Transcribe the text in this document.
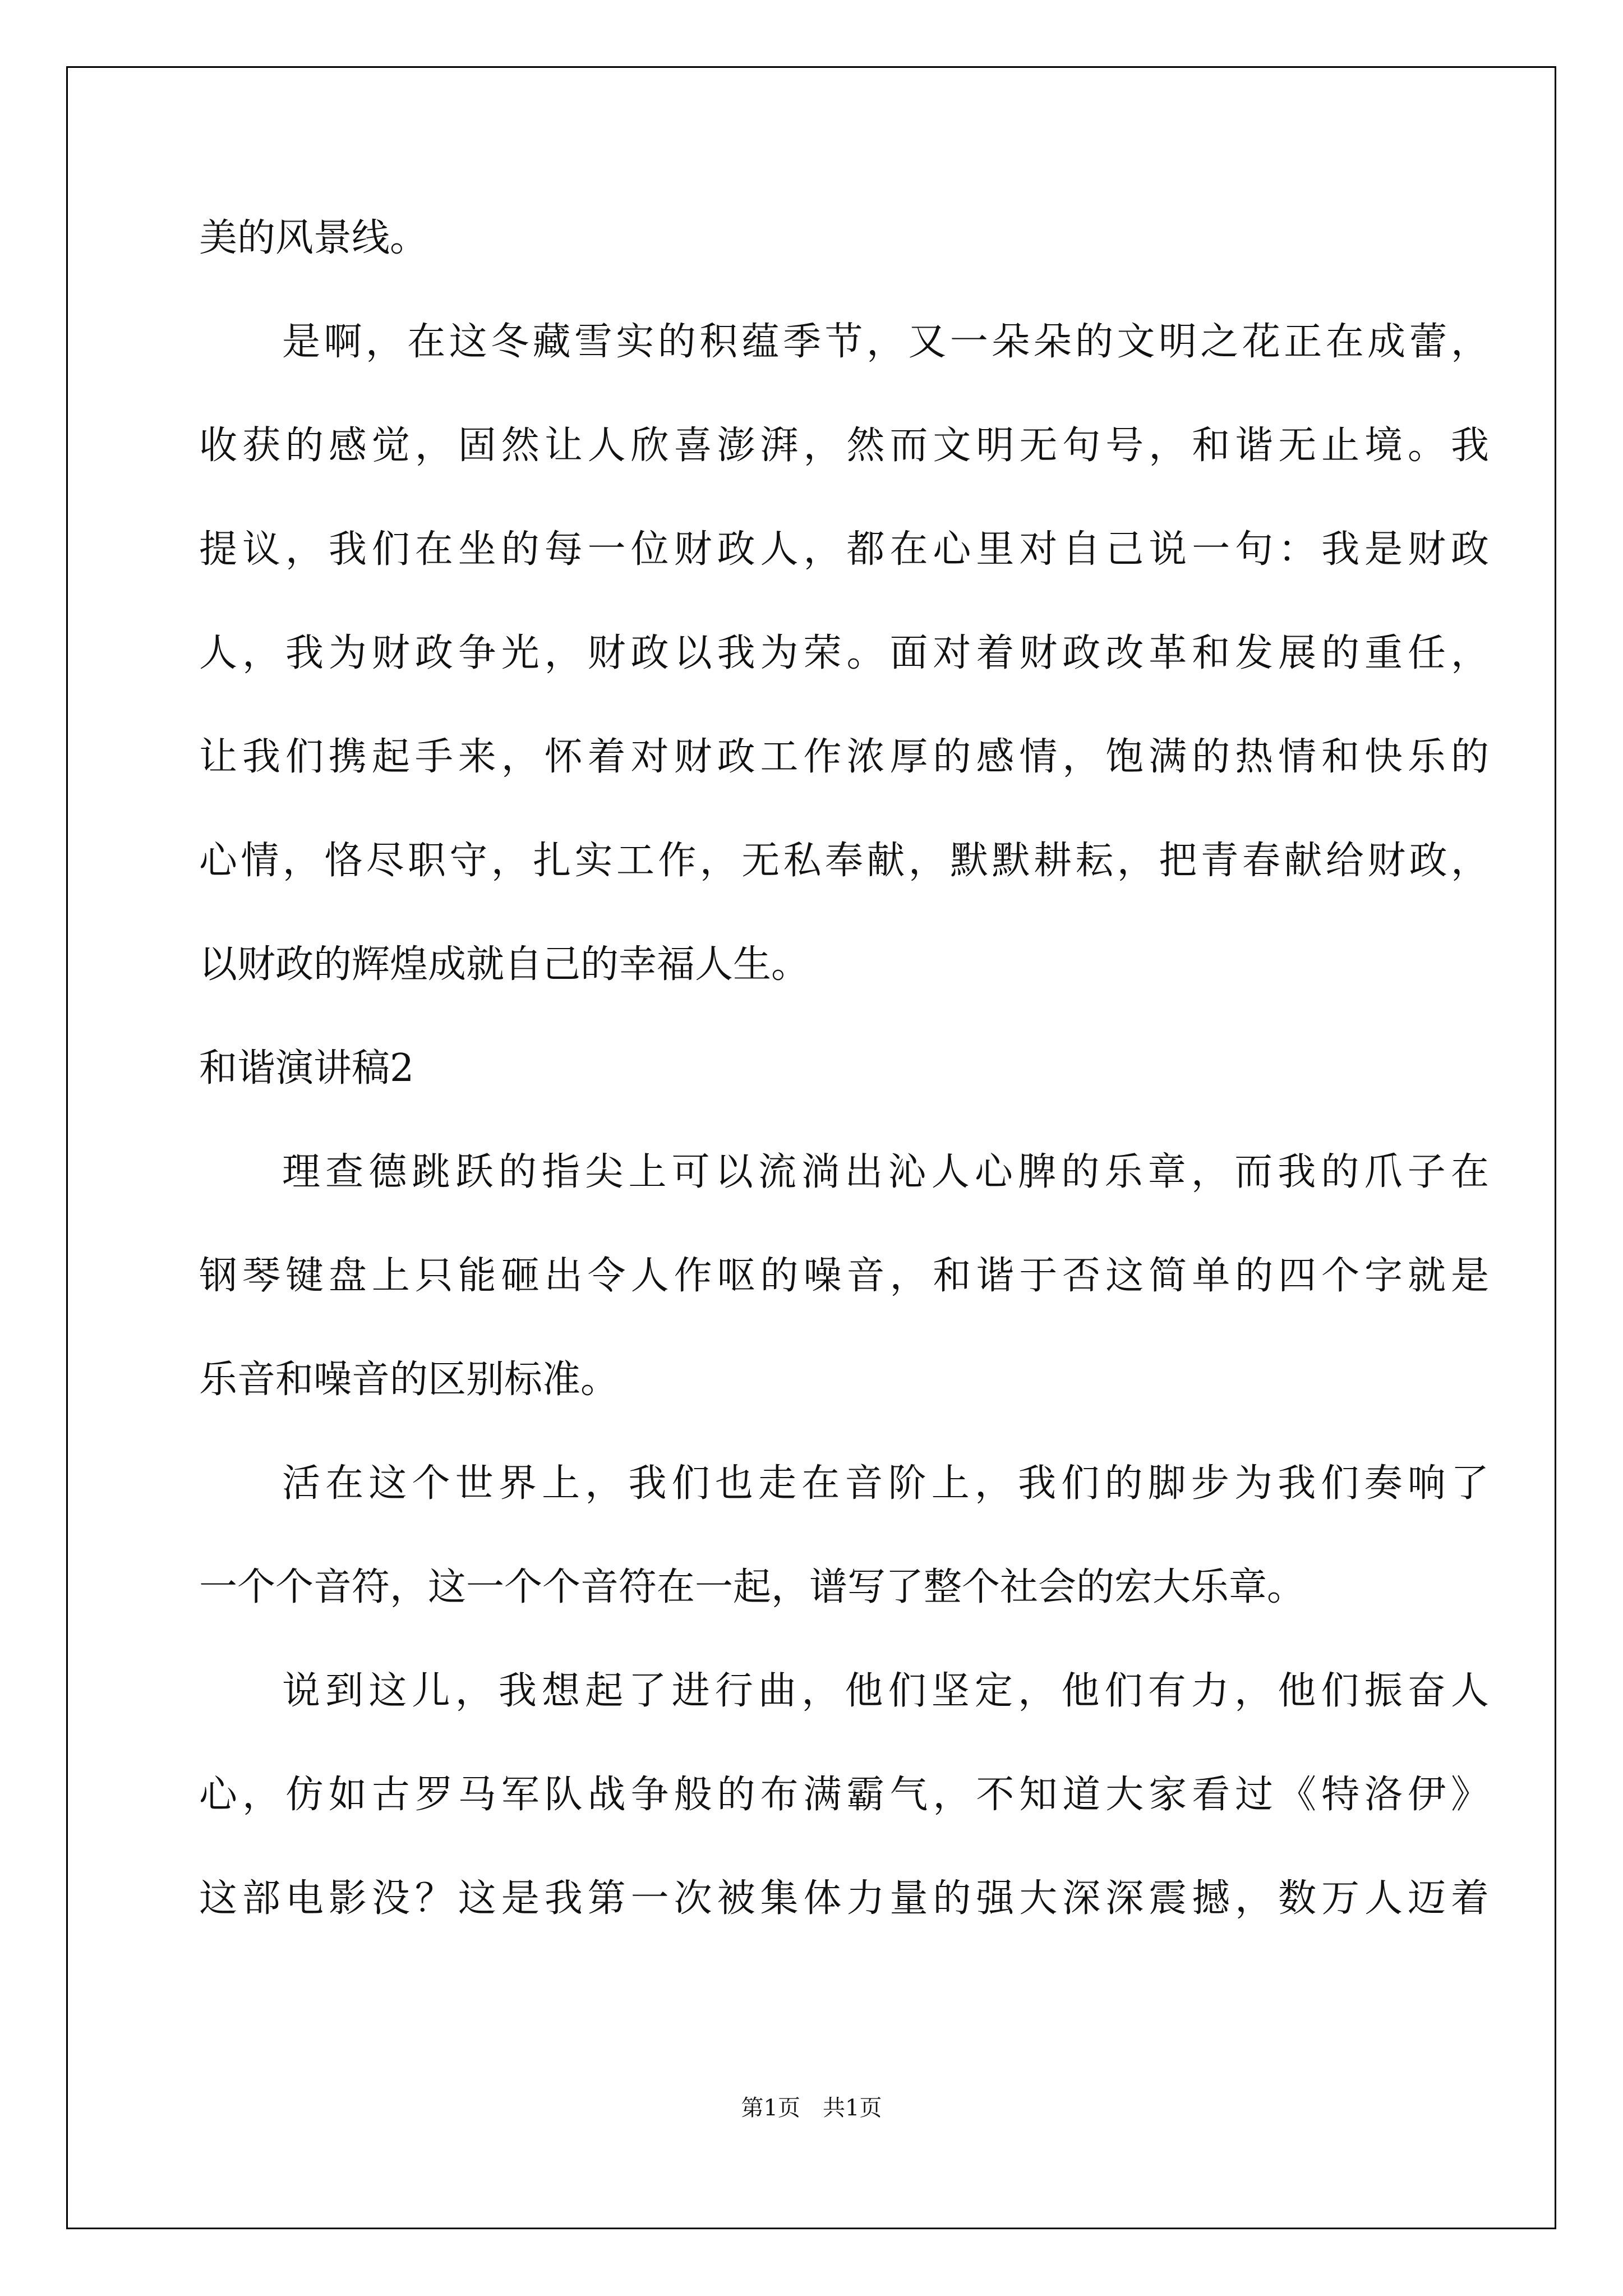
美的风景线。
是啊，在这冬藏雪实的积蕴季节，又一朵朵的文明之花正在成蕾，
收获的感觉，固然让人欣喜澎湃，然而文明无句号，和谐无止境。我
提议，我们在坐的每一位财政人，都在心里对自己说一句：我是财政
人，我为财政争光，财政以我为荣。面对着财政改革和发展的重任，
让我们携起手来，怀着对财政工作浓厚的感情，饱满的热情和快乐的
心情，恪尽职守，扎实工作，无私奉献，默默耕耘，把青春献给财政，
以财政的辉煌成就自己的幸福人生。
和谐演讲稿2
理查德跳跃的指尖上可以流淌出沁人心脾的乐章，而我的爪子在
钢琴键盘上只能砸出令人作呕的噪音，和谐于否这简单的四个字就是
乐音和噪音的区别标准。
活在这个世界上，我们也走在音阶上，我们的脚步为我们奏响了
一个个音符，这一个个音符在一起，谱写了整个社会的宏大乐章。
说到这儿，我想起了进行曲，他们坚定，他们有力，他们振奋人
心，仿如古罗马军队战争般的布满霸气，不知道大家看过《特洛伊》
这部电影没？这是我第一次被集体力量的强大深深震撼，数万人迈着
第1页　共1页
